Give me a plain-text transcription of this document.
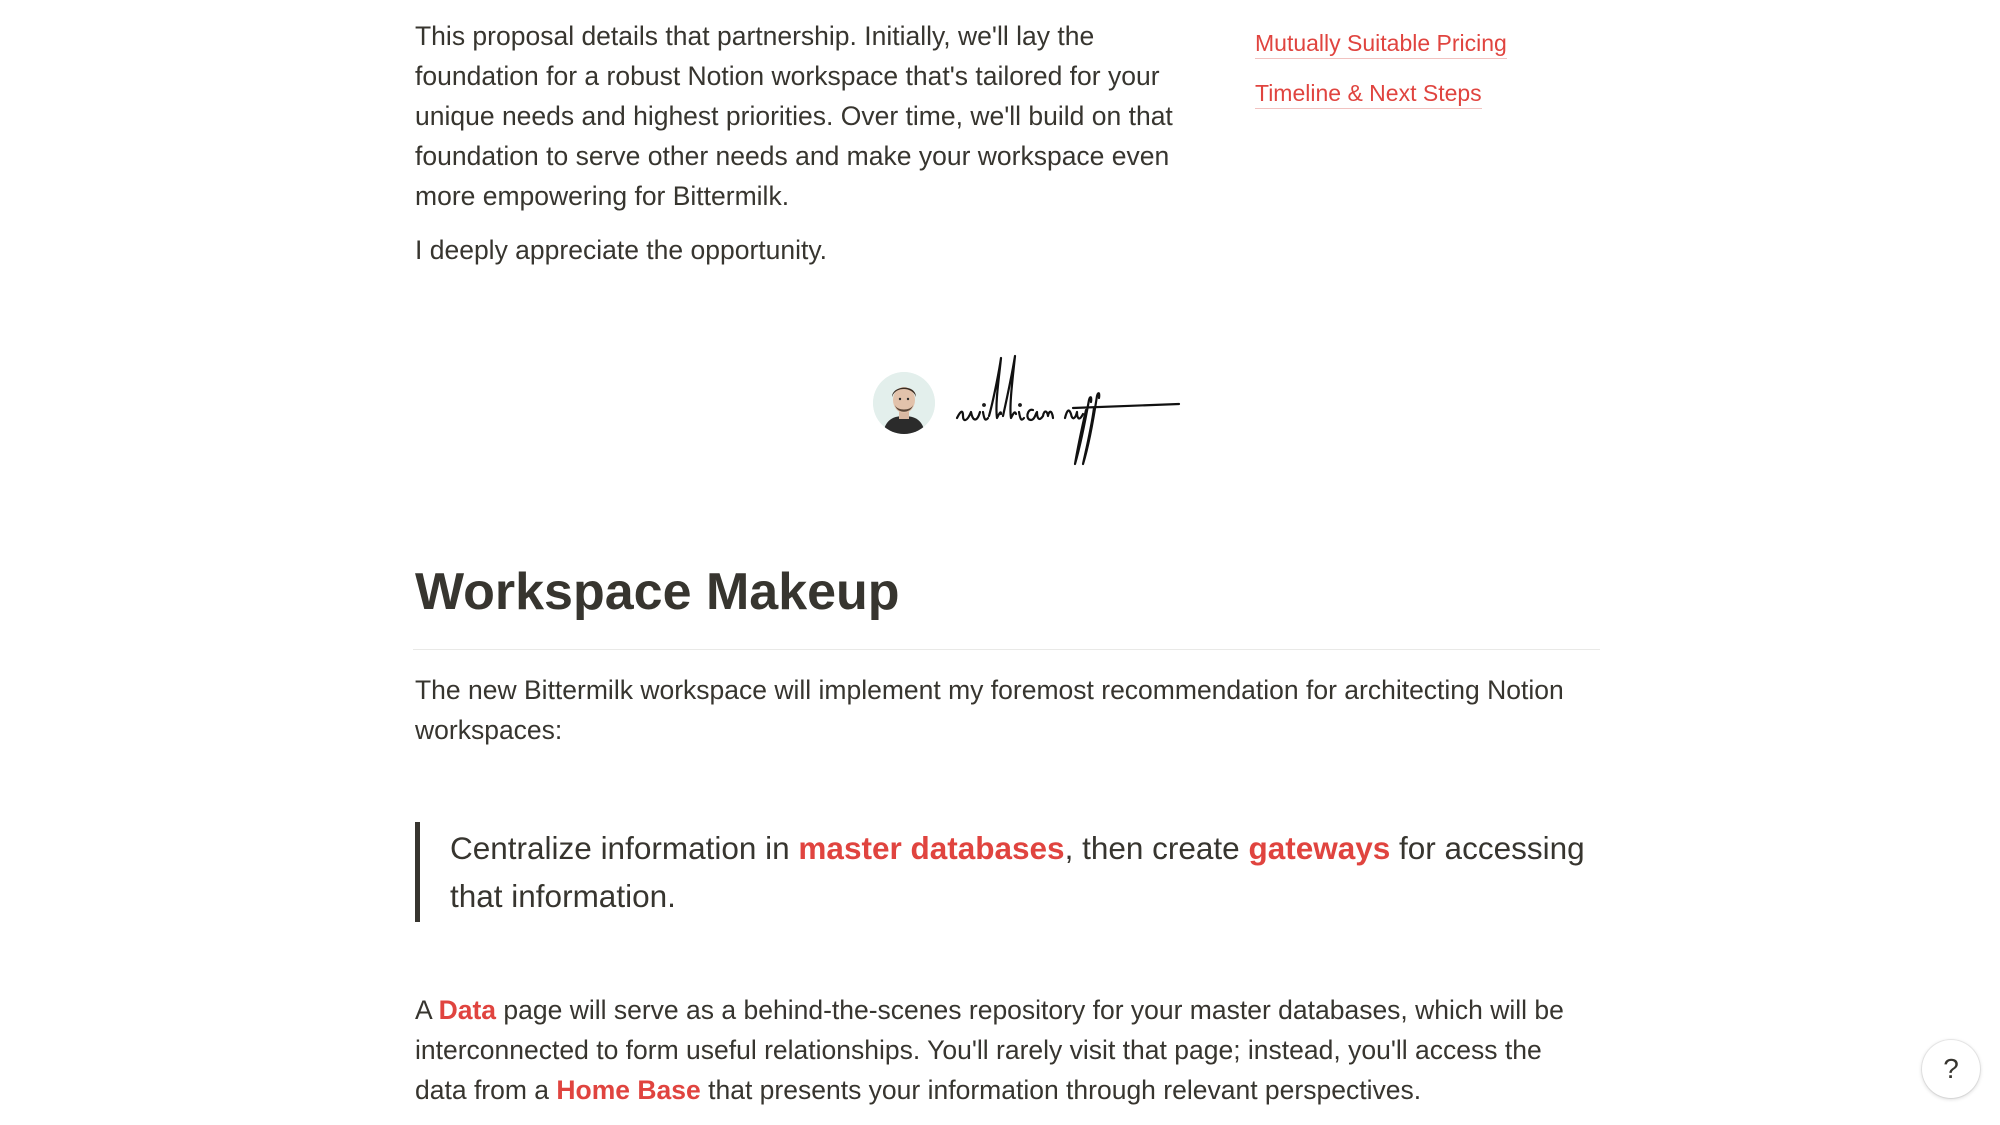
This proposal details that partnership. Initially, we'll lay the foundation for a robust Notion workspace that's tailored for your unique needs and highest priorities. Over time, we'll build on that foundation to serve other needs and make your workspace even more empowering for Bittermilk.

I deeply appreciate the opportunity.

Mutually Suitable Pricing
Timeline & Next Steps
Workspace Makeup

The new Bittermilk workspace will implement my foremost recommendation for architecting Notion workspaces:

Centralize information in master databases, then create gateways for accessing that information.

A Data page will serve as a behind-the-scenes repository for your master databases, which will be interconnected to form useful relationships. You'll rarely visit that page; instead, you'll access the data from a Home Base that presents your information through relevant perspectives.

?
